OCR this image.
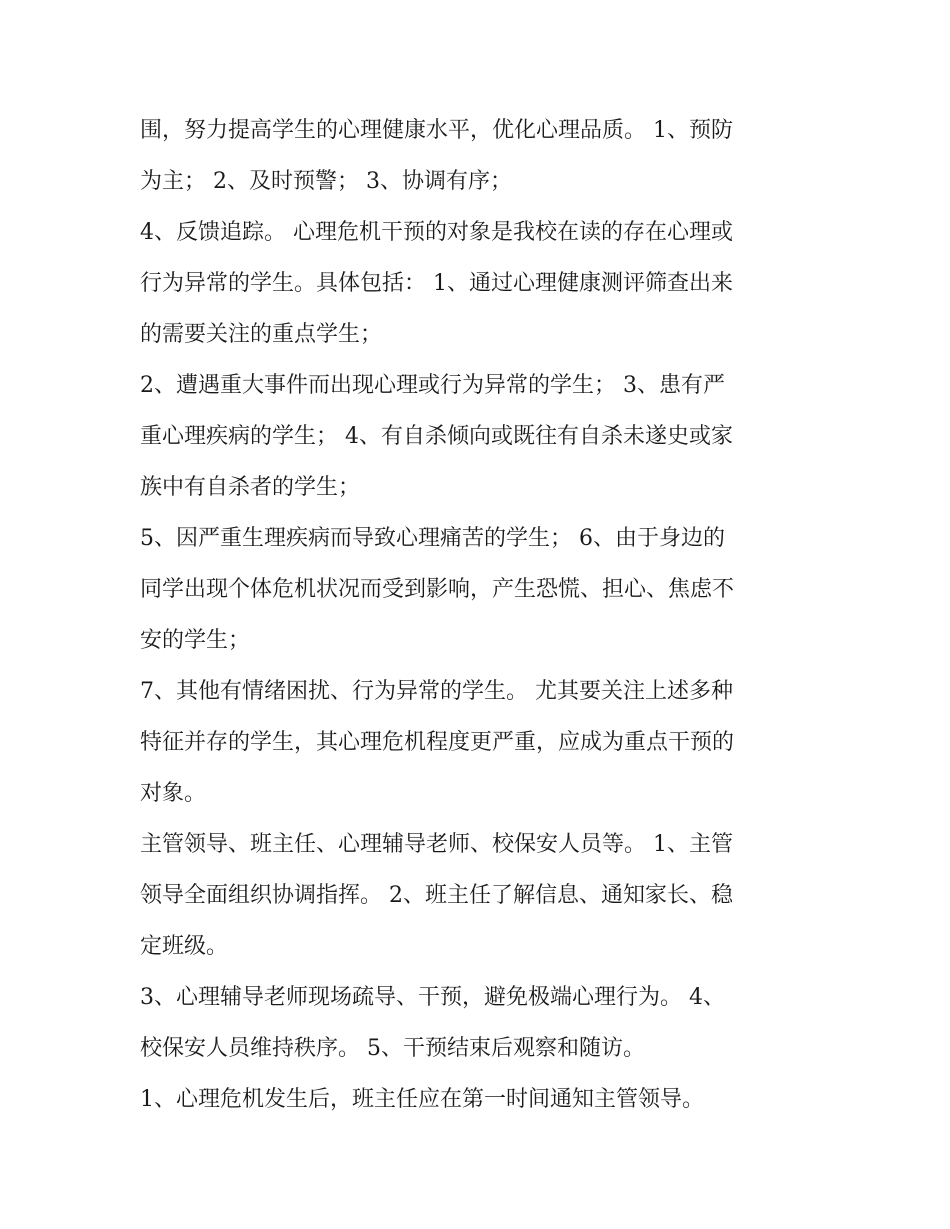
围，努力提高学生的心理健康水平，优化心理品质。 1、预防
为主； 2、及时预警； 3、协调有序；
4、反馈追踪。 心理危机干预的对象是我校在读的存在心理或
行为异常的学生。具体包括： 1、通过心理健康测评筛查出来
的需要关注的重点学生；
2、遭遇重大事件而出现心理或行为异常的学生； 3、患有严
重心理疾病的学生； 4、有自杀倾向或既往有自杀未遂史或家
族中有自杀者的学生；
5、因严重生理疾病而导致心理痛苦的学生； 6、由于身边的
同学出现个体危机状况而受到影响，产生恐慌、担心、焦虑不
安的学生；
7、其他有情绪困扰、行为异常的学生。 尤其要关注上述多种
特征并存的学生，其心理危机程度更严重，应成为重点干预的
对象。
主管领导、班主任、心理辅导老师、校保安人员等。 1、主管
领导全面组织协调指挥。 2、班主任了解信息、通知家长、稳
定班级。
3、心理辅导老师现场疏导、干预，避免极端心理行为。 4、
校保安人员维持秩序。 5、干预结束后观察和随访。
1、心理危机发生后，班主任应在第一时间通知主管领导。
